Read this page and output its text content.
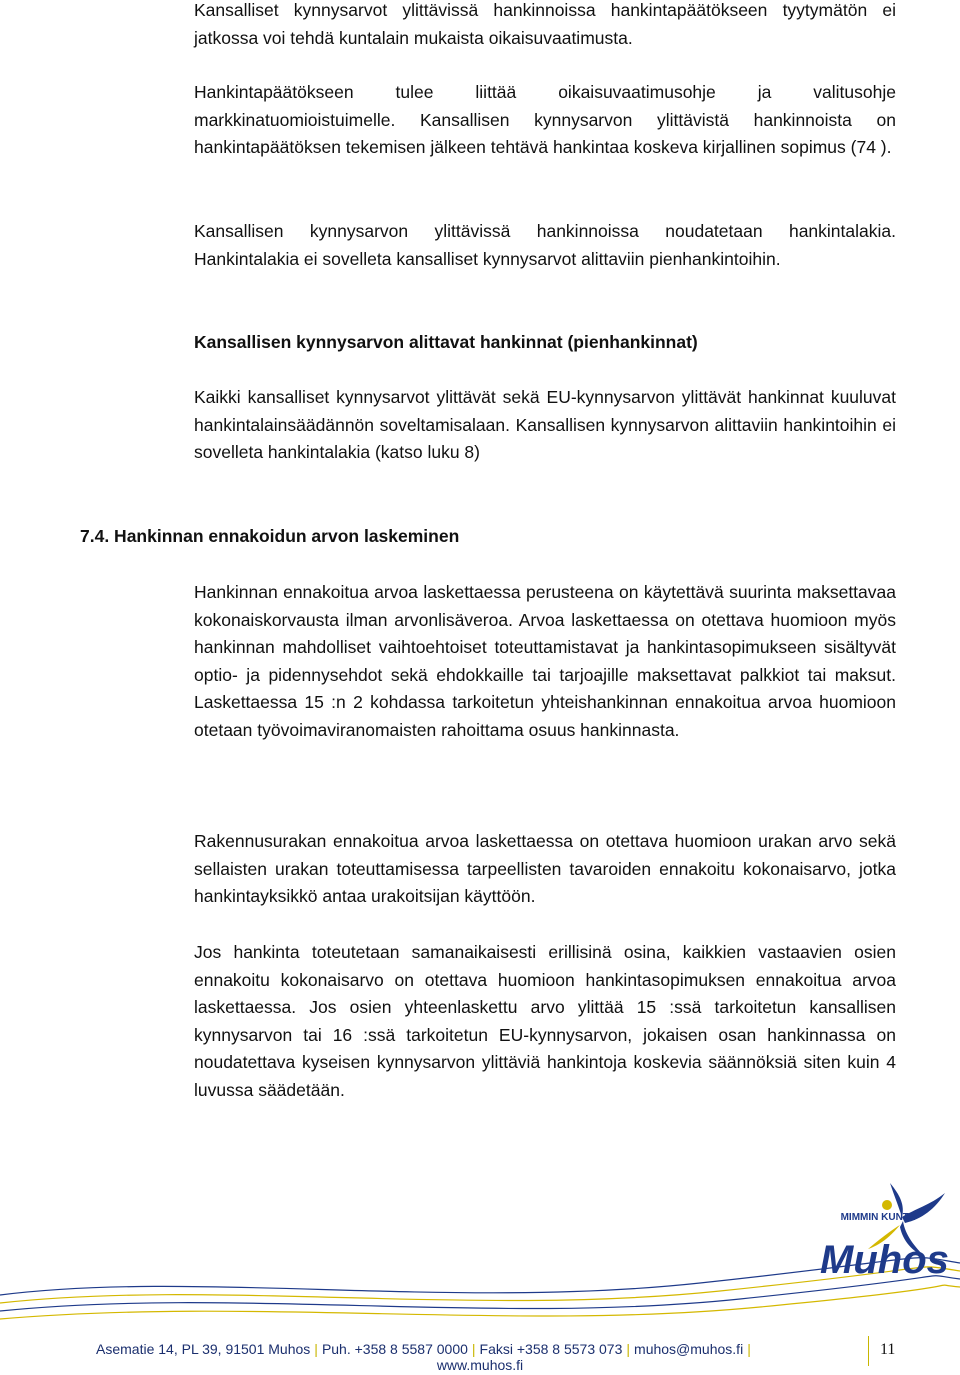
Kansalliset kynnysarvot ylittävissä hankinnoissa hankintapäätökseen tyytymätön ei jatkossa voi tehdä kuntalain mukaista oikaisuvaatimusta.

Hankintapäätökseen tulee liittää oikaisuvaatimusohje ja valitusohje markkinatuomioistuimelle. Kansallisen kynnysarvon ylittävistä hankinnoista on hankintapäätöksen tekemisen jälkeen tehtävä hankintaa koskeva kirjallinen sopimus (74 ).

Kansallisen kynnysarvon ylittävissä hankinnoissa noudatetaan hankintalakia. Hankintalakia ei sovelleta kansalliset kynnysarvot alittaviin pienhankintoihin.

Kansallisen kynnysarvon alittavat hankinnat (pienhankinnat)

Kaikki kansalliset kynnysarvot ylittävät sekä EU-kynnysarvon ylittävät hankinnat kuuluvat hankintalainsäädännön soveltamisalaan. Kansallisen kynnysarvon alittaviin hankintoihin ei sovelleta hankintalakia (katso luku 8)

7.4. Hankinnan ennakoidun arvon laskeminen

Hankinnan ennakoitua arvoa laskettaessa perusteena on käytettävä suurinta maksettavaa kokonaiskorvausta ilman arvonlisäveroa. Arvoa laskettaessa on otettava huomioon myös hankinnan mahdolliset vaihtoehtoiset toteuttamistavat ja hankintasopimukseen sisältyvät optio- ja pidennysehdot sekä ehdokkaille tai tarjoajille maksettavat palkkiot tai maksut. Laskettaessa 15 :n 2 kohdassa tarkoitetun yhteishankinnan ennakoitua arvoa huomioon otetaan työvoimaviranomaisten rahoittama osuus hankinnasta.

Rakennusurakan ennakoitua arvoa laskettaessa on otettava huomioon urakan arvo sekä sellaisten urakan toteuttamisessa tarpeellisten tavaroiden ennakoitu kokonaisarvo, jotka hankintayksikkö antaa urakoitsijan käyttöön.

Jos hankinta toteutetaan samanaikaisesti erillisinä osina, kaikkien vastaavien osien ennakoitu kokonaisarvo on otettava huomioon hankintasopimuksen ennakoitua arvoa laskettaessa. Jos osien yhteenlaskettu arvo ylittää 15 :ssä tarkoitetun kansallisen kynnysarvon tai 16 :ssä tarkoitetun EU-kynnysarvon, jokaisen osan hankinnassa on noudatettava kyseisen kynnysarvon ylittäviä hankintoja koskevia säännöksiä siten kuin 4 luvussa säädetään.

MIMMIN KUNTA
Muhos
Asematie 14, PL 39, 91501 Muhos | Puh. +358 8 5587 0000 | Faksi +358 8 5573 073 | muhos@muhos.fi |
www.muhos.fi
11
